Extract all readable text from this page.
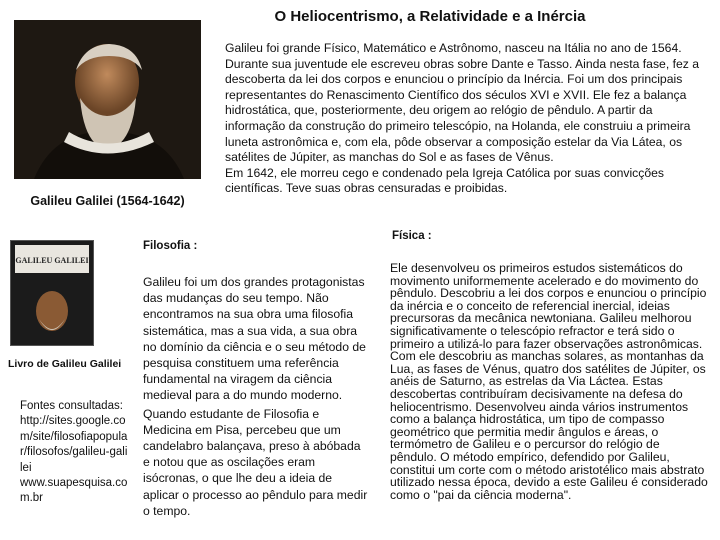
O Heliocentrismo, a Relatividade e a Inércia
Galileu Galilei (1564-1642)

Galileu foi grande Físico, Matemático e Astrônomo, nasceu na Itália no ano de 1564. Durante sua juventude ele escreveu obras sobre Dante e Tasso. Ainda nesta fase, fez a descoberta da lei dos corpos e enunciou o princípio da Inércia. Foi um dos principais representantes do Renascimento Científico dos séculos XVI e XVII. Ele fez a balança hidrostática, que, posteriormente, deu origem ao relógio de pêndulo. A partir da informação da construção do primeiro telescópio, na Holanda, ele construiu a primeira luneta astronômica e, com ela, pôde observar a composição estelar da Via Látea, os satélites de Júpiter, as manchas do Sol e as fases de Vênus.

Em 1642, ele morreu cego e condenado pela Igreja Católica por suas convicções científicas. Teve suas obras censuradas e proibidas.

GALILEU GALILEI
Livro de Galileu Galilei
Fontes consultadas:
http://sites.google.com/site/filosofiapopular/filosofos/galileu-galilei
www.suapesquisa.com.br
Filosofia :

Galileu foi um dos grandes protagonistas das mudanças do seu tempo. Não encontramos na sua obra uma filosofia sistemática, mas a sua vida, a sua obra no domínio da ciência e o seu método de pesquisa constituem uma referência fundamental na viragem da ciência medieval para a do mundo moderno.

Quando estudante de Filosofia e Medicina em Pisa, percebeu que um candelabro balançava, preso à abóbada e notou que as oscilações eram isócronas, o que lhe deu a ideia de aplicar o processo ao pêndulo para medir o tempo.

Física :
Ele desenvolveu os primeiros estudos sistemáticos do movimento uniformemente acelerado e do movimento do pêndulo. Descobriu a lei dos corpos e enunciou o princípio da inércia e o conceito de referencial inercial, ideias precursoras da mecânica newtoniana. Galileu melhorou significativamente o telescópio refractor e terá sido o primeiro a utilizá-lo para fazer observações astronômicas. Com ele descobriu as manchas solares, as montanhas da Lua, as fases de Vénus, quatro dos satélites de Júpiter, os anéis de Saturno, as estrelas da Via Láctea. Estas descobertas contribuíram decisivamente na defesa do heliocentrismo. Desenvolveu ainda vários instrumentos como a balança hidrostática, um tipo de compasso geométrico que permitia medir ângulos e áreas, o termómetro de Galileu e o percursor do relógio de pêndulo. O método empírico, defendido por Galileu, constitui um corte com o método aristotélico mais abstrato utilizado nessa época, devido a este Galileu é considerado como o "pai da ciência moderna".
